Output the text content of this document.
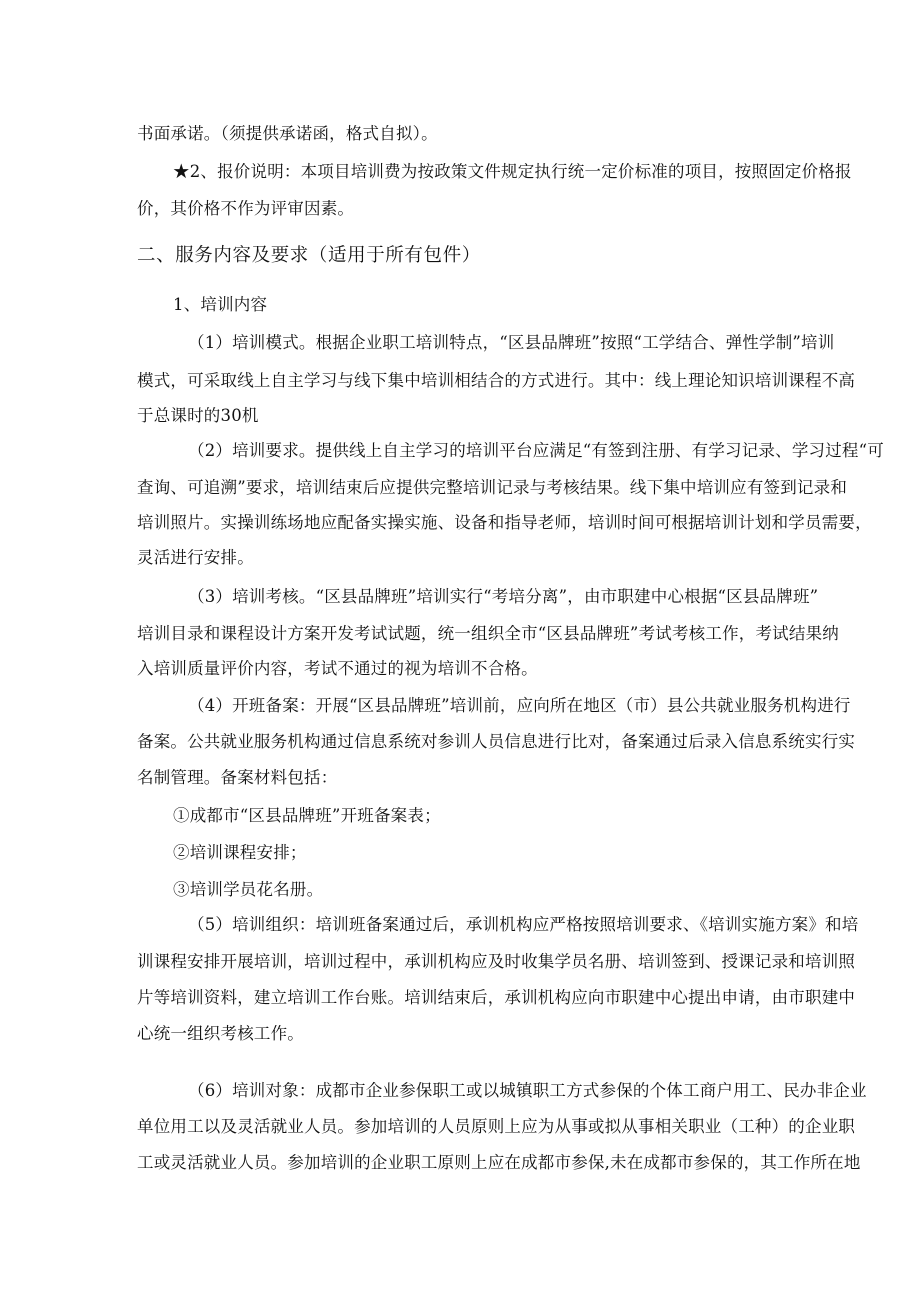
书面承诺。（须提供承诺函，格式自拟）。

★2、报价说明：本项目培训费为按政策文件规定执行统一定价标准的项目，按照固定价格报

价，其价格不作为评审因素。

二、服务内容及要求（适用于所有包件）

1、培训内容

（1）培训模式。根据企业职工培训特点，“区县品牌班”按照“工学结合、弹性学制”培训

模式，可采取线上自主学习与线下集中培训相结合的方式进行。其中：线上理论知识培训课程不高

于总课时的30机

（2）培训要求。提供线上自主学习的培训平台应满足“有签到注册、有学习记录、学习过程“可

查询、可追溯”要求，培训结束后应提供完整培训记录与考核结果。线下集中培训应有签到记录和

培训照片。实操训练场地应配备实操实施、设备和指导老师，培训时间可根据培训计划和学员需要，

灵活进行安排。

（3）培训考核。“区县品牌班”培训实行“考培分离”，由市职建中心根据“区县品牌班”

培训目录和课程设计方案开发考试试题，统一组织全市“区县品牌班”考试考核工作，考试结果纳

入培训质量评价内容，考试不通过的视为培训不合格。

（4）开班备案：开展“区县品牌班”培训前，应向所在地区（市）县公共就业服务机构进行

备案。公共就业服务机构通过信息系统对参训人员信息进行比对，备案通过后录入信息系统实行实

名制管理。备案材料包括：

①成都市“区县品牌班”开班备案表；

②培训课程安排；

③培训学员花名册。

（5）培训组织：培训班备案通过后，承训机构应严格按照培训要求、《培训实施方案》和培

训课程安排开展培训，培训过程中，承训机构应及时收集学员名册、培训签到、授课记录和培训照

片等培训资料，建立培训工作台账。培训结束后，承训机构应向市职建中心提出申请，由市职建中

心统一组织考核工作。

（6）培训对象：成都市企业参保职工或以城镇职工方式参保的个体工商户用工、民办非企业

单位用工以及灵活就业人员。参加培训的人员原则上应为从事或拟从事相关职业（工种）的企业职

工或灵活就业人员。参加培训的企业职工原则上应在成都市参保,未在成都市参保的，其工作所在地
